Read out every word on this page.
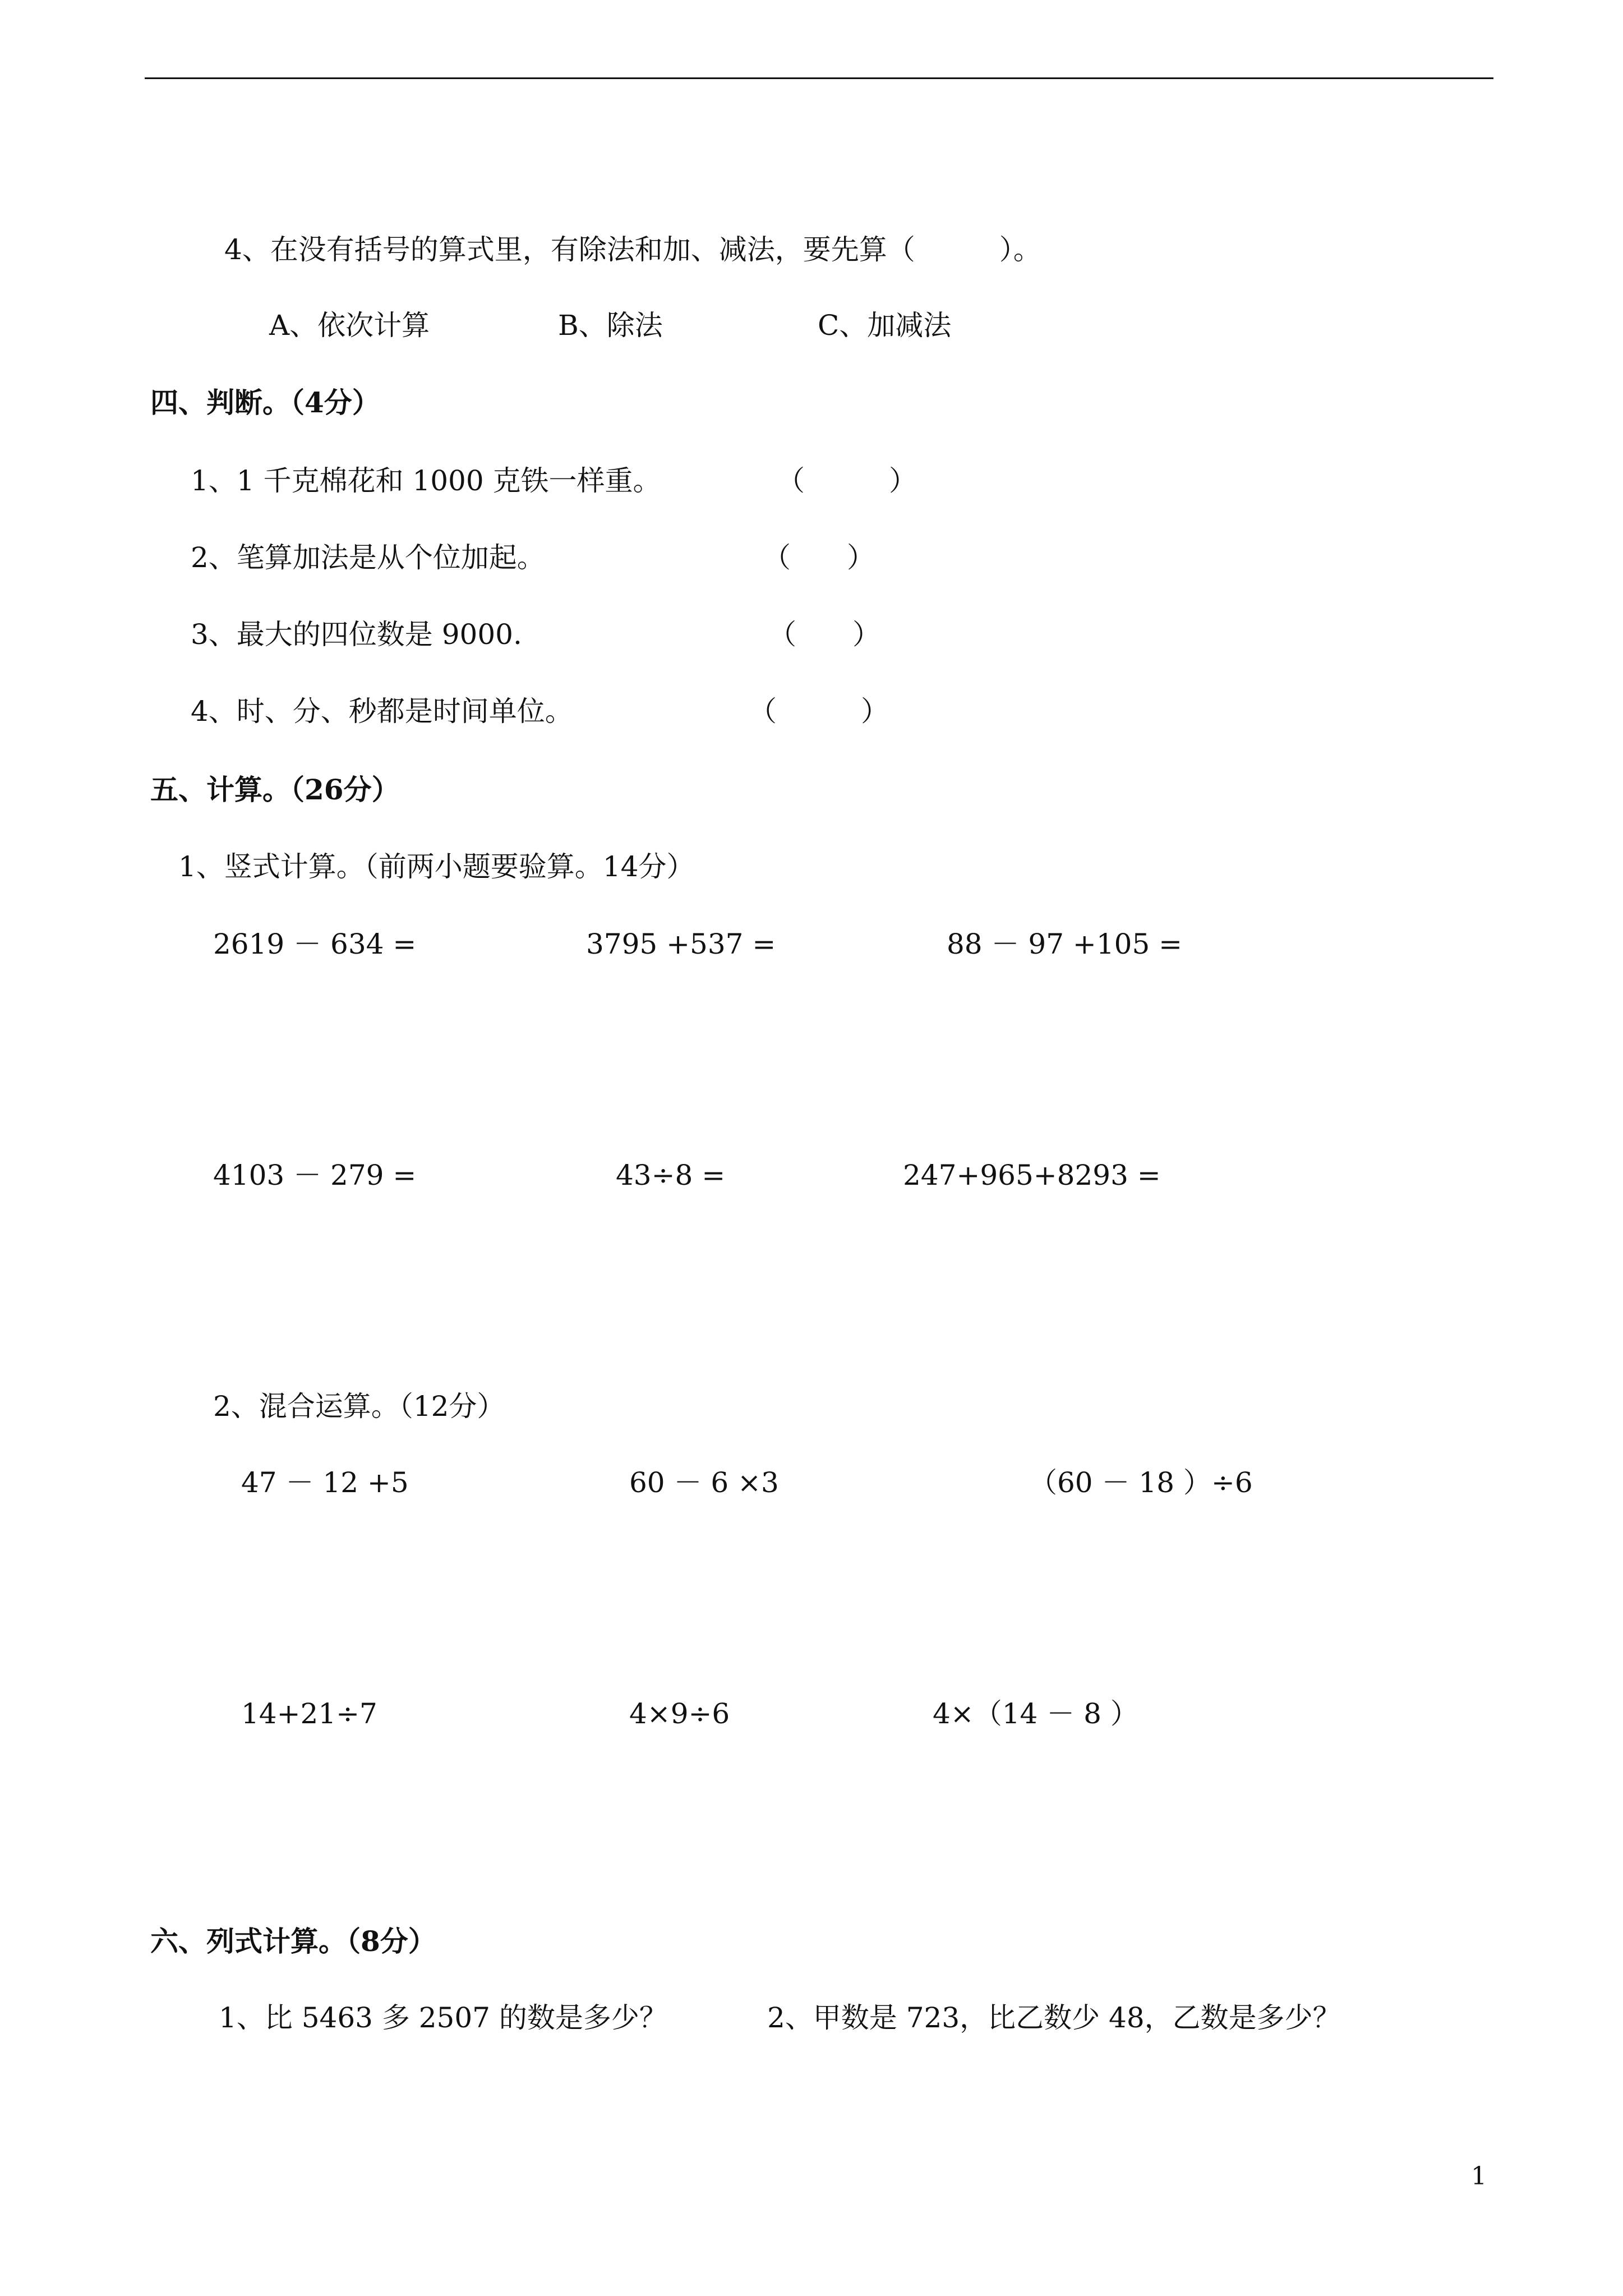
4、在没有括号的算式里，有除法和加、减法，要先算（　　　）。
A、依次计算	B、除法	C、加减法
四、判断。（4分）
1、1 千克棉花和 1000 克铁一样重。	（　　　）
2、笔算加法是从个位加起。	（　　）
3、最大的四位数是 9000.	（　　）
4、时、分、秒都是时间单位。	（　　　）
五、计算。（26分）
1、竖式计算。（前两小题要验算。14分）
2619 － 634 =	3795 +537 =	88 － 97 +105 =
4103 － 279 =	43÷8 =	247+965+8293 =
2、混合运算。（12分）
47 － 12 +5	60 － 6 ×3	（60 － 18 ）÷6
14+21÷7	4×9÷6	4×（14 － 8 ）
六、列式计算。（8分）
1、比 5463 多 2507 的数是多少？	2、甲数是 723，比乙数少 48，乙数是多少？
1
